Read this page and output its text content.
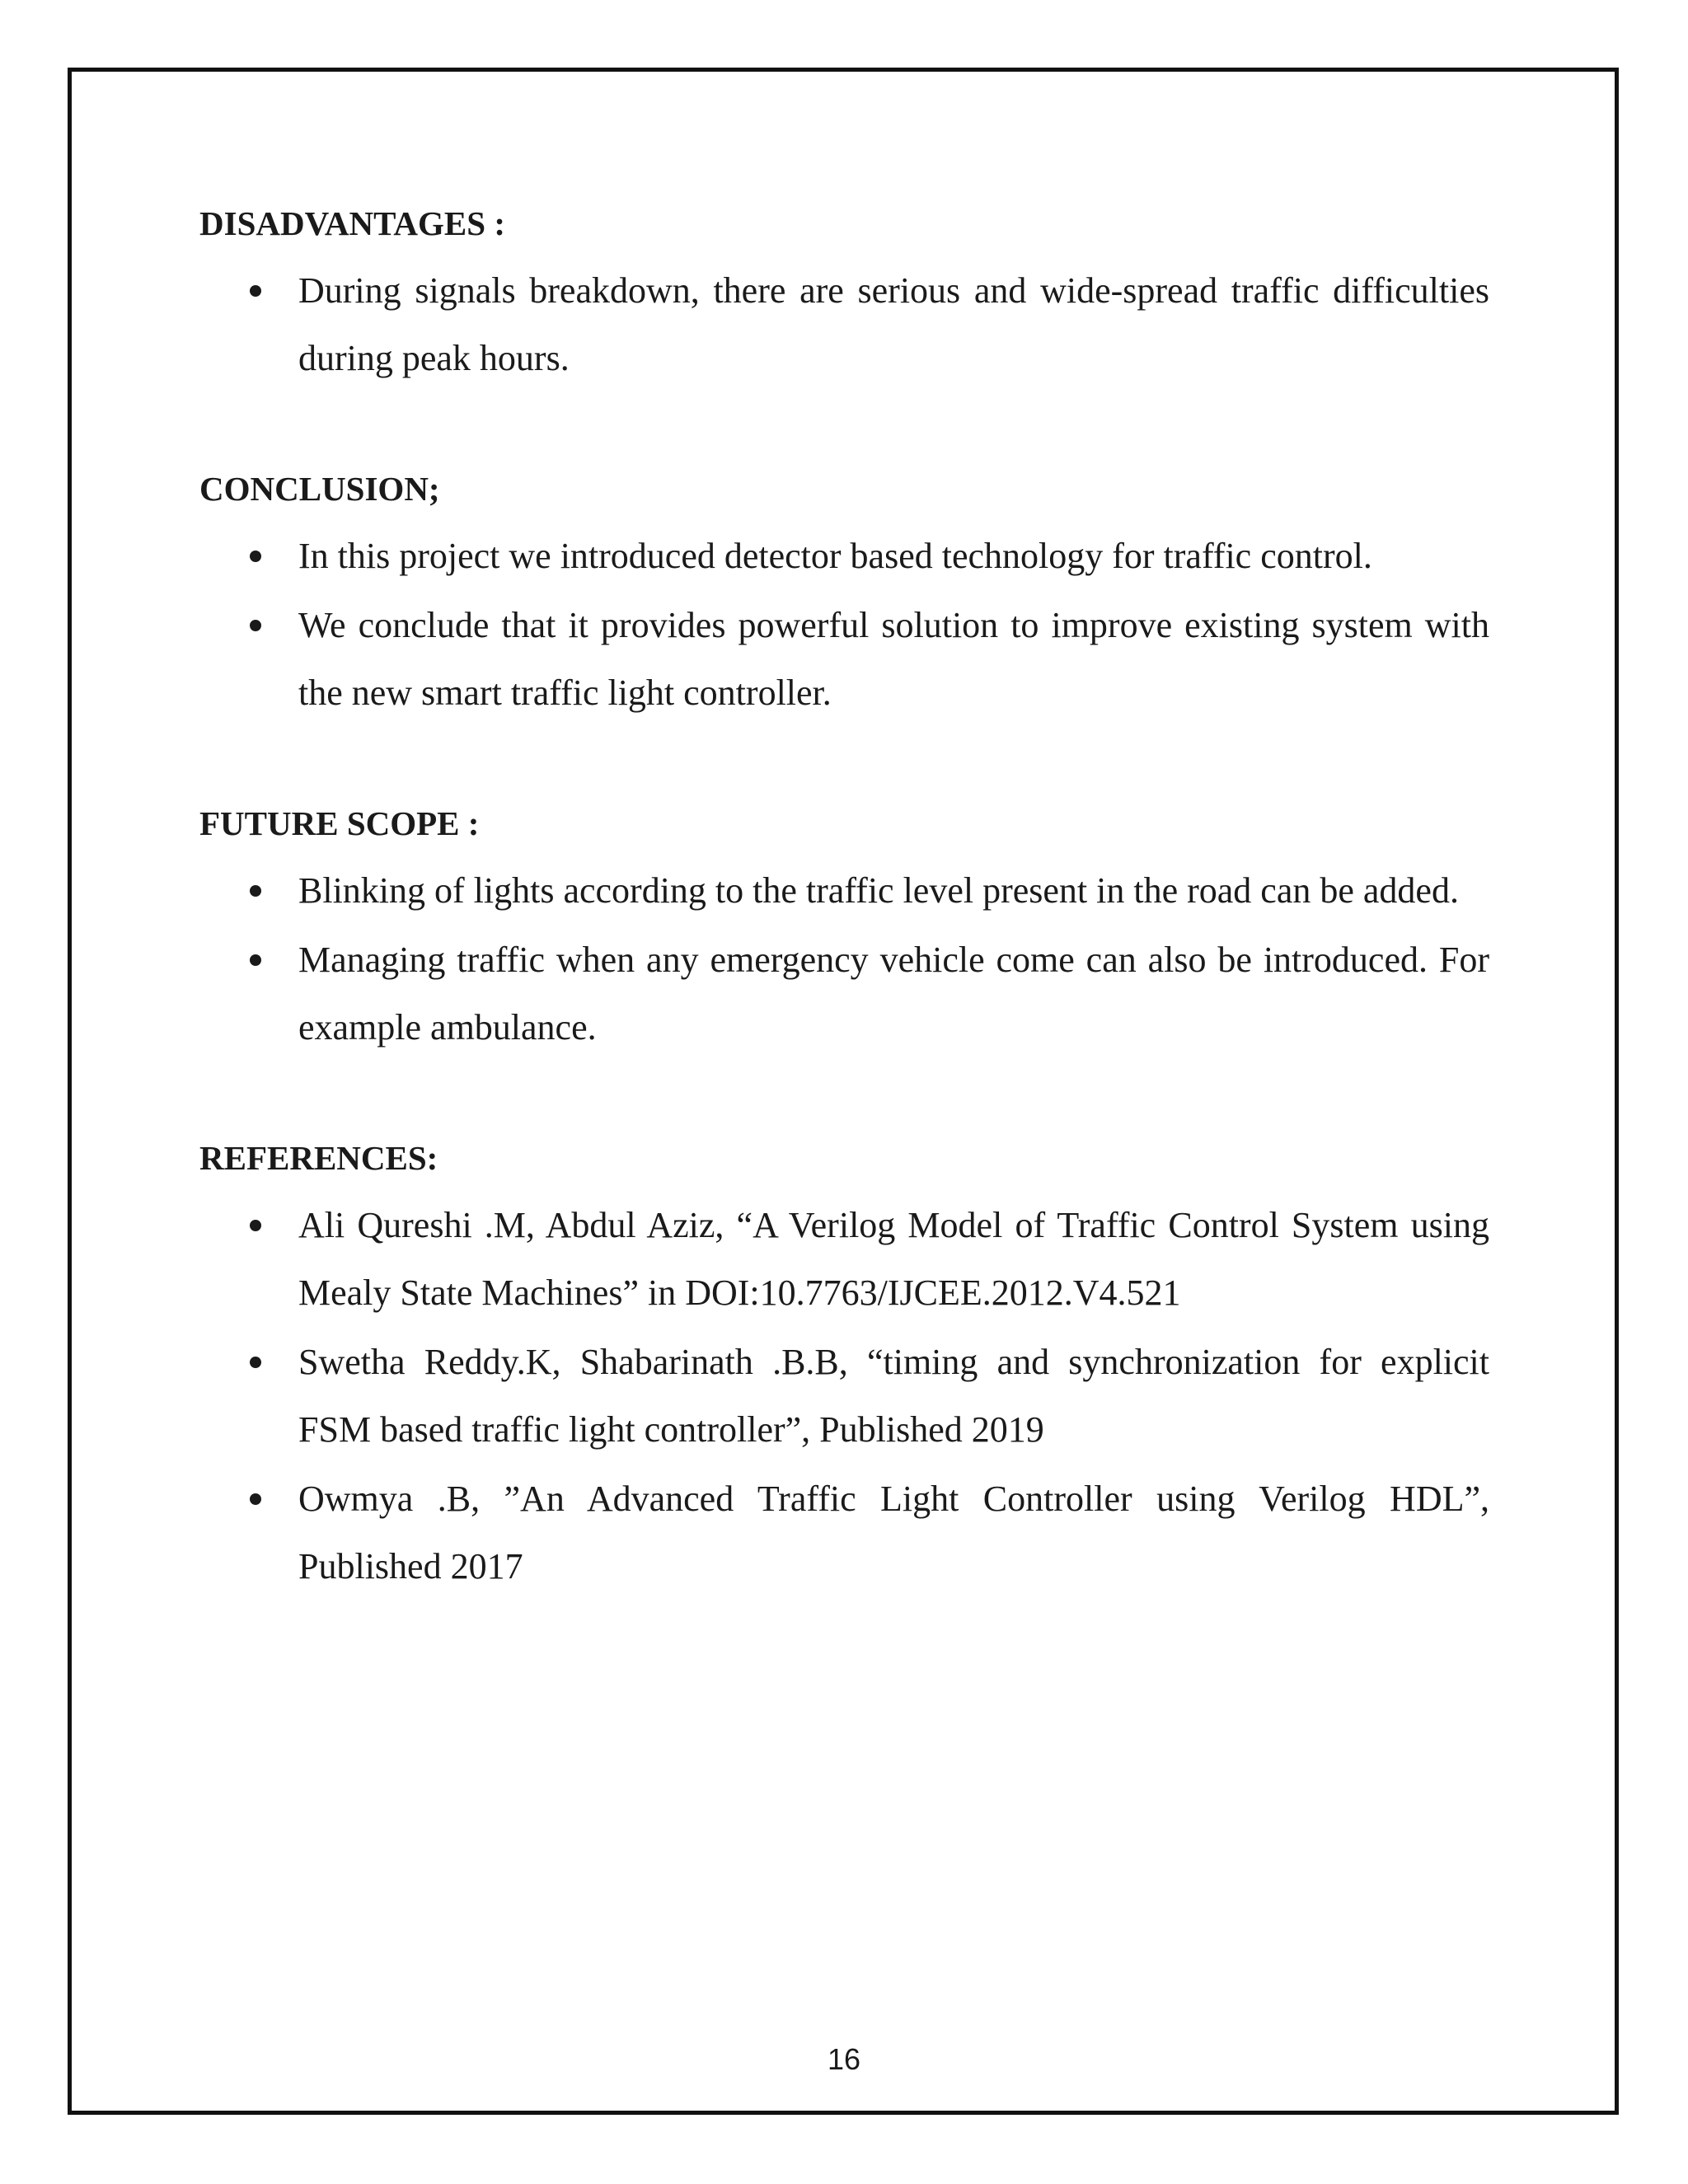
DISADVANTAGES :
During signals breakdown, there are serious and wide-spread traffic difficulties during peak hours.
CONCLUSION;
In this project we introduced detector based technology for traffic control.
We conclude that it provides powerful solution to improve existing system with the new smart traffic light controller.
FUTURE SCOPE :
Blinking of lights according to the traffic level present in the road can be added.
Managing traffic when any emergency vehicle come can also be introduced. For example ambulance.
REFERENCES:
Ali Qureshi .M, Abdul Aziz, “A Verilog Model of Traffic Control System using Mealy State Machines” in DOI:10.7763/IJCEE.2012.V4.521
Swetha Reddy.K, Shabarinath .B.B, “timing and synchronization for explicit FSM based traffic light controller”, Published 2019
Owmya .B, ”An Advanced Traffic Light Controller using Verilog HDL”, Published 2017
16
